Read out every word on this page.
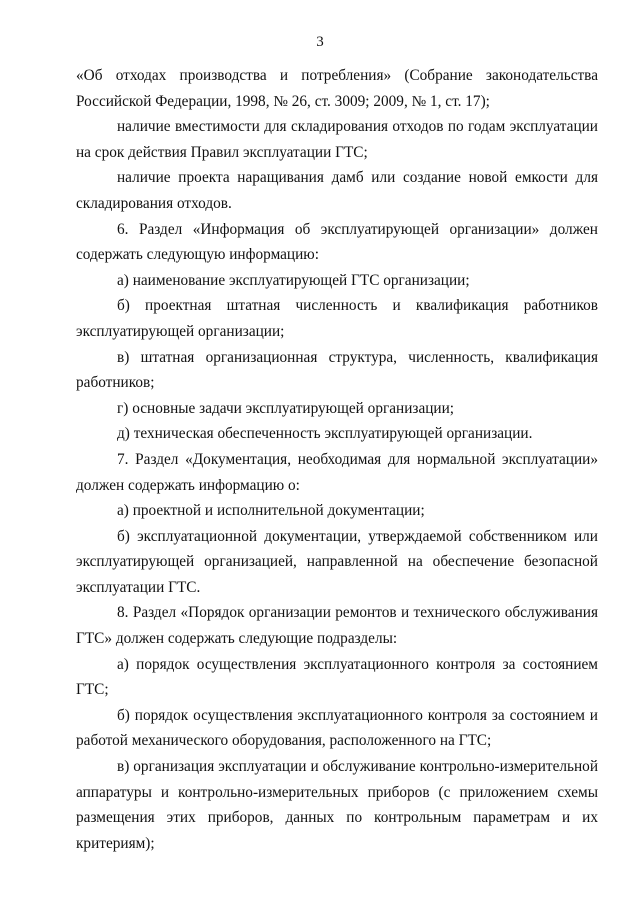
3

«Об отходах производства и потребления» (Собрание законодательства Российской Федерации, 1998, № 26, ст. 3009; 2009, № 1, ст. 17);

наличие вместимости для складирования отходов по годам эксплуатации на срок действия Правил эксплуатации ГТС;

наличие проекта наращивания дамб или создание новой емкости для складирования отходов.

6. Раздел «Информация об эксплуатирующей организации» должен содержать следующую информацию:

а) наименование эксплуатирующей ГТС организации;

б) проектная штатная численность и квалификация работников эксплуатирующей организации;

в) штатная организационная структура, численность, квалификация работников;

г) основные задачи эксплуатирующей организации;

д) техническая обеспеченность эксплуатирующей организации.

7. Раздел «Документация, необходимая для нормальной эксплуатации» должен содержать информацию о:

а) проектной и исполнительной документации;

б) эксплуатационной документации, утверждаемой собственником или эксплуатирующей организацией, направленной на обеспечение безопасной эксплуатации ГТС.

8. Раздел «Порядок организации ремонтов и технического обслуживания ГТС» должен содержать следующие подразделы:

а) порядок осуществления эксплуатационного контроля за состоянием ГТС;

б) порядок осуществления эксплуатационного контроля за состоянием и работой механического оборудования, расположенного на ГТС;

в) организация эксплуатации и обслуживание контрольно-измерительной аппаратуры и контрольно-измерительных приборов (с приложением схемы размещения этих приборов, данных по контрольным параметрам и их критериям);
